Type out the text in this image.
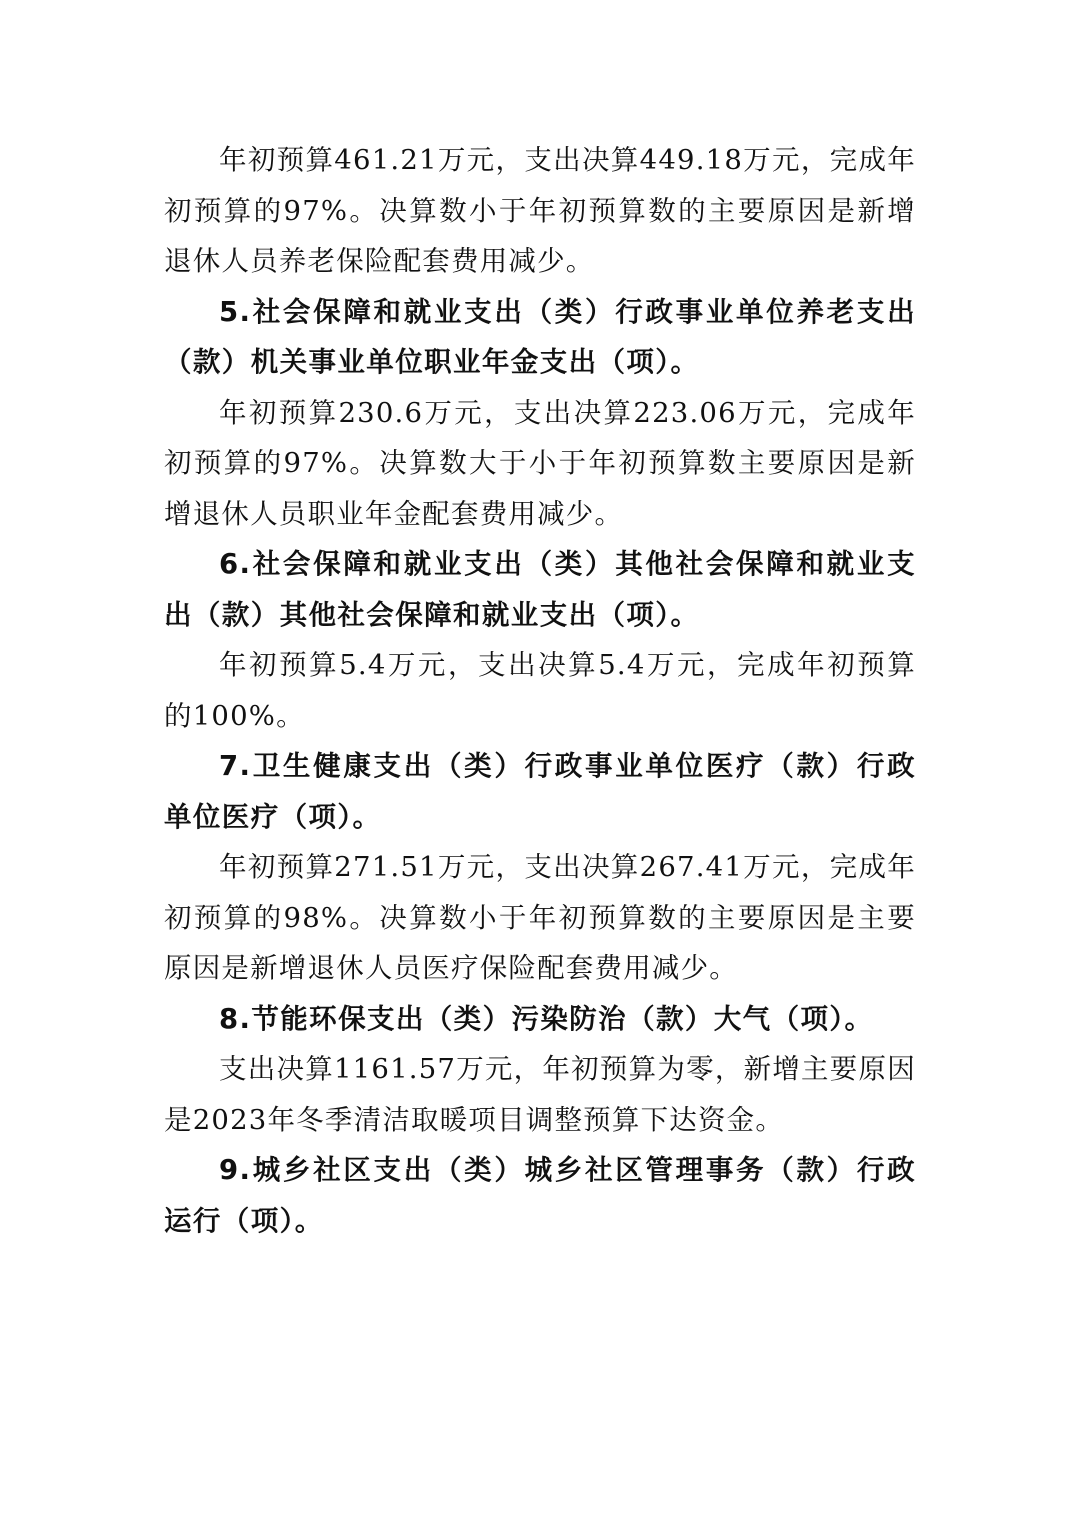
年初预算461.21万元，支出决算449.18万元，完成年初预算的97%。决算数小于年初预算数的主要原因是新增退休人员养老保险配套费用减少。

5.社会保障和就业支出（类）行政事业单位养老支出（款）机关事业单位职业年金支出（项）。

年初预算230.6万元，支出决算223.06万元，完成年初预算的97%。决算数大于小于年初预算数主要原因是新增退休人员职业年金配套费用减少。

6.社会保障和就业支出（类）其他社会保障和就业支出（款）其他社会保障和就业支出（项）。

年初预算5.4万元，支出决算5.4万元，完成年初预算的100%。

7.卫生健康支出（类）行政事业单位医疗（款）行政单位医疗（项）。

年初预算271.51万元，支出决算267.41万元，完成年初预算的98%。决算数小于年初预算数的主要原因是主要原因是新增退休人员医疗保险配套费用减少。

8.节能环保支出（类）污染防治（款）大气（项）。

支出决算1161.57万元，年初预算为零，新增主要原因是2023年冬季清洁取暖项目调整预算下达资金。

9.城乡社区支出（类）城乡社区管理事务（款）行政运行（项）。
